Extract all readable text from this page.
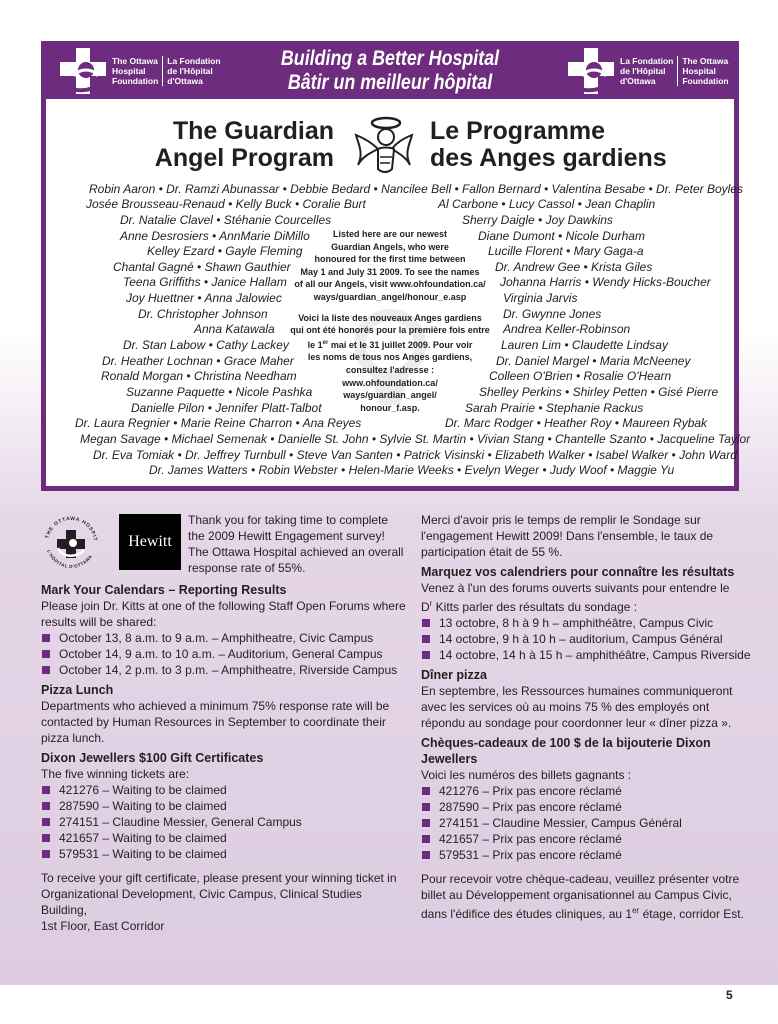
The Ottawa
Hospital
Foundation
La Fondation
de l'Hôpital
d'Ottawa
Building a Better Hospital
Bâtir un meilleur hôpital
La Fondation
de l'Hôpital
d'Ottawa
The Ottawa
Hospital
Foundation
The Guardian
Angel Program
Le Programme
des Anges gardiens
Robin Aaron • Dr. Ramzi Abunassar • Debbie Bedard • Nancilee Bell • Fallon Bernard • Valentina Besabe • Dr. Peter Boyles
Josée Brousseau-Renaud • Kelly Buck • Coralie Burt	Al Carbone • Lucy Cassol • Jean Chaplin
Dr. Natalie Clavel • Stéhanie Courcelles	Sherry Daigle • Joy Dawkins
Anne Desrosiers • AnnMarie DiMillo	Diane Dumont • Nicole Durham
Kelley Ezard • Gayle Fleming	Lucille Florent • Mary Gaga-a
Chantal Gagné • Shawn Gauthier	Dr. Andrew Gee • Krista Giles
Teena Griffiths • Janice Hallam	Johanna Harris • Wendy Hicks-Boucher
Joy Huettner • Anna Jalowiec	Virginia Jarvis
Dr. Christopher Johnson	Dr. Gwynne Jones
Anna Katawala	Andrea Keller-Robinson
Dr. Stan Labow • Cathy Lackey	Lauren Lim • Claudette Lindsay
Dr. Heather Lochnan • Grace Maher	Dr. Daniel Margel • Maria McNeeney
Ronald Morgan • Christina Needham	Colleen O'Brien • Rosalie O'Hearn
Suzanne Paquette • Nicole Pashka	Shelley Perkins • Shirley Petten • Gisé Pierre
Danielle Pilon • Jennifer Platt-Talbot	Sarah Prairie • Stephanie Rackus
Dr. Laura Regnier • Marie Reine Charron • Ana Reyes	Dr. Marc Rodger • Heather Roy • Maureen Rybak
Megan Savage • Michael Semenak • Danielle St. John • Sylvie St. Martin • Vivian Stang • Chantelle Szanto • Jacqueline Taylor
Dr. Eva Tomiak • Dr. Jeffrey Turnbull • Steve Van Santen • Patrick Visinski • Elizabeth Walker • Isabel Walker • John Ward
Dr. James Watters • Robin Webster • Helen-Marie Weeks • Evelyn Weger • Judy Woof • Maggie Yu
Listed here are our newest
Guardian Angels, who were
honoured for the first time between
May 1 and July 31 2009. To see the names
of all our Angels, visit www.ohfoundation.ca/
ways/guardian_angel/honour_e.asp
Voici la liste des nouveaux Anges gardiens
qui ont été honorés pour la première fois entre
le 1er mai et le 31 juillet 2009. Pour voir
les noms de tous nos Anges gardiens,
consultez l'adresse :
www.ohfoundation.ca/
ways/guardian_angel/
honour_f.asp.
THE OTTAWA HOSPIT
L'HÔPITAL D'OTTAWA
Hewitt

Thank you for taking time to complete

the 2009 Hewitt Engagement survey!

The Ottawa Hospital achieved an overall

response rate of 55%.

Mark Your Calendars – Reporting Results

Please join Dr. Kitts at one of the following Staff Open Forums where

results will be shared:

October 13, 8 a.m. to 9 a.m. – Amphitheatre, Civic Campus
October 14, 9 a.m. to 10 a.m. – Auditorium, General Campus
October 14, 2 p.m. to 3 p.m. – Amphitheatre, Riverside Campus
Pizza Lunch

Departments who achieved a minimum 75% response rate will be

contacted by Human Resources in September to coordinate their

pizza lunch.

Dixon Jewellers $100 Gift Certificates

The five winning tickets are:

421276 – Waiting to be claimed
287590 – Waiting to be claimed
274151 – Claudine Messier, General Campus
421657 – Waiting to be claimed
579531 – Waiting to be claimed

To receive your gift certificate, please present your winning ticket in

Organizational Development, Civic Campus, Clinical Studies Building,

1st Floor, East Corridor

Merci d'avoir pris le temps de remplir le Sondage sur

l'engagement Hewitt 2009! Dans l'ensemble, le taux de

participation était de 55 %.

Marquez vos calendriers pour connaître les résultats

Venez à l'un des forums ouverts suivants pour entendre le

$D^r$ Kitts parler des résultats du sondage :

13 octobre, 8 h à 9 h – amphithéâtre, Campus Civic
14 octobre, 9 h à 10 h – auditorium, Campus Général
14 octobre, 14 h à 15 h – amphithéâtre, Campus Riverside
Dîner pizza

En septembre, les Ressources humaines communiqueront

avec les services où au moins 75 % des employés ont

répondu au sondage pour coordonner leur « dîner pizza ».

Chèques-cadeaux de 100 $ de la bijouterie Dixon
Jewellers

Voici les numéros des billets gagnants :

421276 – Prix pas encore réclamé
287590 – Prix pas encore réclamé
274151 – Claudine Messier, Campus Général
421657 – Prix pas encore réclamé
579531 – Prix pas encore réclamé

Pour recevoir votre chèque-cadeau, veuillez présenter votre

billet au Développement organisationnel au Campus Civic,

dans l'édifice des études cliniques, au 1er étage, corridor Est.

5
